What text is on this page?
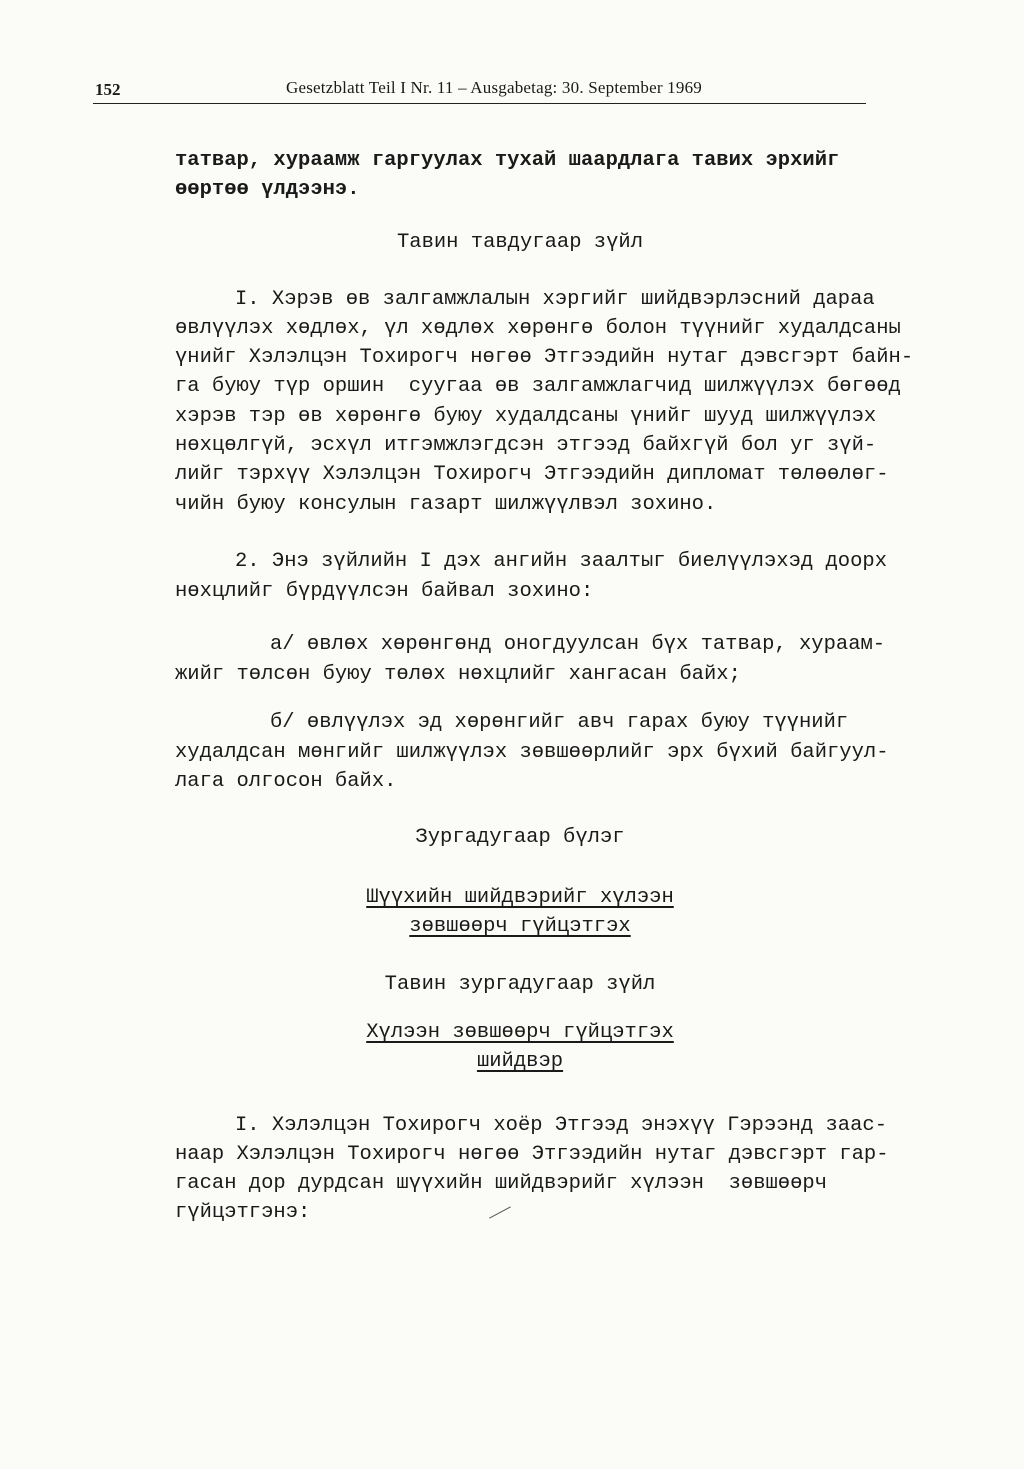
152	Gesetzblatt Teil I Nr. 11 – Ausgabetag: 30. September 1969
татвар, хураамж гаргуулах тухай шаардлага тавих эрхийг
өөртөө үлдээнэ.
Тавин тавдугаар зүйл
I. Хэрэв өв залгамжлалын хэргийг шийдвэрлэсний дараа
өвлүүлэх хөдлөх, үл хөдлөх хөрөнгө болон түүнийг худалдсаны
үнийг Хэлэлцэн Тохирогч нөгөө Этгээдийн нутаг дэвсгэрт байн-
га буюу түр оршин  суугаа өв залгамжлагчид шилжүүлэх бөгөөд
хэрэв тэр өв хөрөнгө буюу худалдсаны үнийг шууд шилжүүлэх
нөхцөлгүй, эсхүл итгэмжлэгдсэн этгээд байхгүй бол уг зүй-
лийг тэрхүү Хэлэлцэн Тохирогч Этгээдийн дипломат төлөөлөг-
чийн буюу консулын газарт шилжүүлвэл зохино.
2. Энэ зүйлийн I дэх ангийн заалтыг биелүүлэхэд доорх
нөхцлийг бүрдүүлсэн байвал зохино:
а/ өвлөх хөрөнгөнд оногдуулсан бүх татвар, хураам-
жийг төлсөн буюу төлөх нөхцлийг хангасан байх;
б/ өвлүүлэх эд хөрөнгийг авч гарах буюу түүнийг
худалдсан мөнгийг шилжүүлэх зөвшөөрлийг эрх бүхий байгуул-
лага олгосон байх.
Зургадугаар бүлэг
Шүүхийн шийдвэрийг хүлээн
зөвшөөрч гүйцэтгэх
Тавин зургадугаар зүйл
Хүлээн зөвшөөрч гүйцэтгэх
шийдвэр
I. Хэлэлцэн Тохирогч хоёр Этгээд энэхүү Гэрээнд заас-
наар Хэлэлцэн Тохирогч нөгөө Этгээдийн нутаг дэвсгэрт гар-
гасан дор дурдсан шүүхийн шийдвэрийг хүлээн  зөвшөөрч
гүйцэтгэнэ:
